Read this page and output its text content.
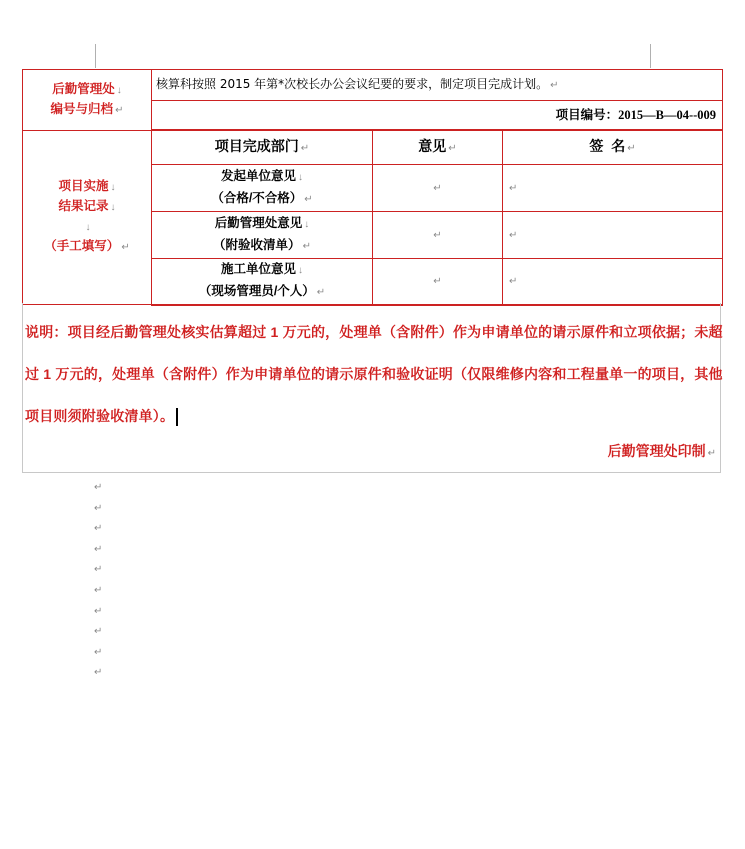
后勤管理处 ↓
编号与归档 ↵	核算科按照 2015 年第*次校长办公会议纪要的要求，制定项目完成计划。 ↵		
	项目编号：2015—B—04--009		
项目实施 ↓
结果记录 ↓
↓
（手工填写） ↵	项目完成部门 ↵	意见 ↵	签  名 ↵
	发起单位意见 ↓
（合格/不合格） ↵	↵	↵
	后勤管理处意见 ↓
（附验收清单） ↵	↵	↵
	施工单位意见 ↓
（现场管理员/个人） ↵	↵	↵
说明：项目经后勤管理处核实估算超过 1 万元的，处理单（含附件）作为申请单位的请示原件和立项依据；未超过 1 万元的，处理单（含附件）作为申请单位的请示原件和验收证明（仅限维修内容和工程量单一的项目，其他项目则须附验收清单）。
后勤管理处印制 ↵
↵
↵
↵
↵
↵
↵
↵
↵
↵
↵
